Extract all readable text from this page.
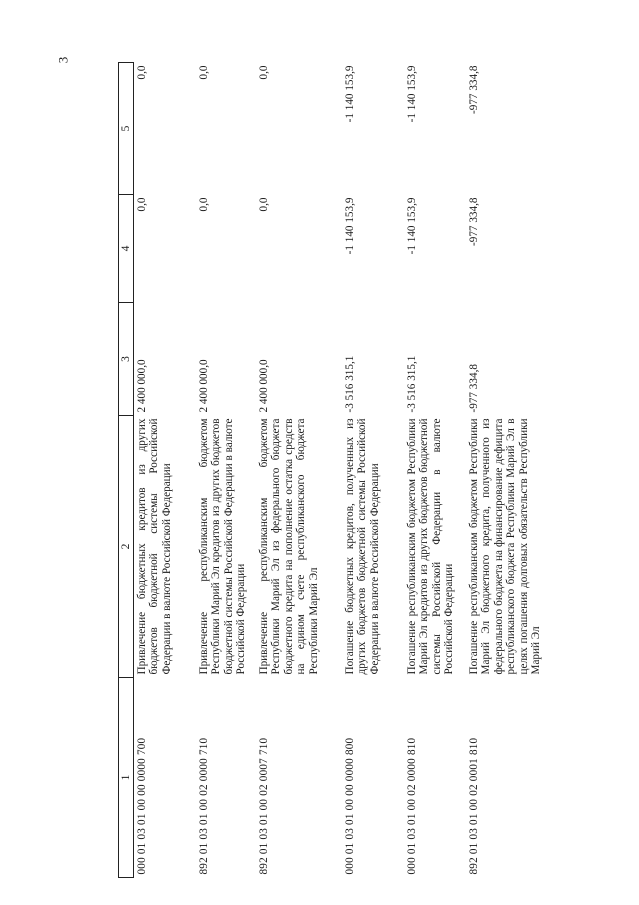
3
1	2	3	4	5
000 01 03 01 00 00 0000 700	Привлечение бюджетных кредитов из других бюджетов бюджетной системы Российской Федерации в валюте Российской Федерации	2 400 000,0	0,0	0,0
892 01 03 01 00 02 0000 710	Привлечение республиканским бюджетом Республики Марий Эл кредитов из других бюджетов бюджетной системы Российской Федерации в валюте Российской Федерации	2 400 000,0	0,0	0,0
892 01 03 01 00 02 0007 710	Привлечение республиканским бюджетом Республики Марий Эл из федерального бюджета бюджетного кредита на пополнение остатка средств на едином счете республиканского бюджета Республики Марий Эл	2 400 000,0	0,0	0,0
000 01 03 01 00 00 0000 800	Погашение бюджетных кредитов, полученных из других бюджетов бюджетной системы Российской Федерации в валюте Российской Федерации	-3 516 315,1	-1 140 153,9	-1 140 153,9
000 01 03 01 00 02 0000 810	Погашение республиканским бюджетом Республики Марий Эл кредитов из других бюджетов бюджетной системы Российской Федерации в валюте Российской Федерации	-3 516 315,1	-1 140 153,9	-1 140 153,9
892 01 03 01 00 02 0001 810	Погашение республиканским бюджетом Республики Марий Эл бюджетного кредита, полученного из федерального бюджета на финансирование дефицита республиканского бюджета Республики Марий Эл в целях погашения долговых обязательств Республики Марий Эл	-977 334,8	-977 334,8	-977 334,8
